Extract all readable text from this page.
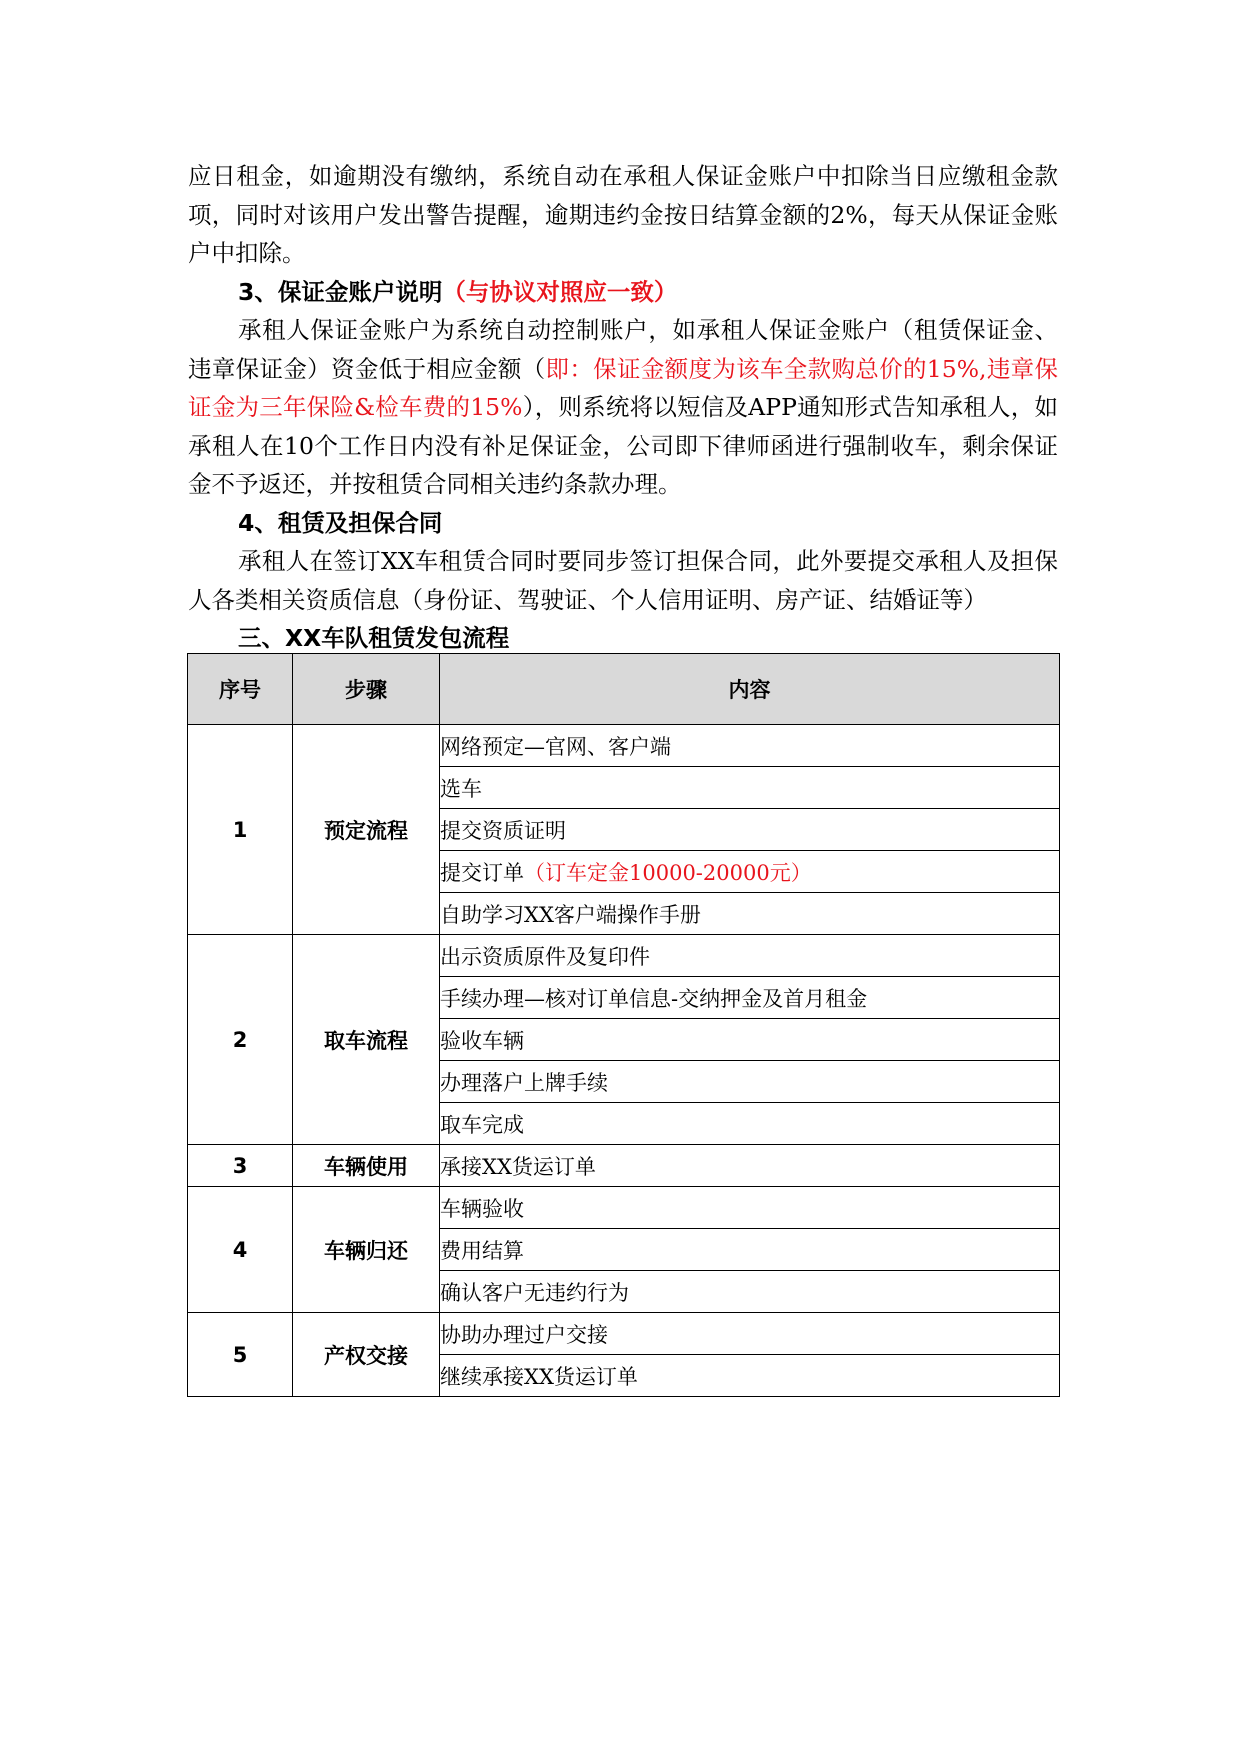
应日租金，如逾期没有缴纳，系统自动在承租人保证金账户中扣除当日应缴租金款项，同时对该用户发出警告提醒，逾期违约金按日结算金额的2%，每天从保证金账户中扣除。

3、保证金账户说明（与协议对照应一致）

承租人保证金账户为系统自动控制账户，如承租人保证金账户（租赁保证金、违章保证金）资金低于相应金额（即：保证金额度为该车全款购总价的15%,违章保证金为三年保险&检车费的15%），则系统将以短信及APP通知形式告知承租人，如承租人在10个工作日内没有补足保证金，公司即下律师函进行强制收车，剩余保证金不予返还，并按租赁合同相关违约条款办理。

4、租赁及担保合同

承租人在签订XX车租赁合同时要同步签订担保合同，此外要提交承租人及担保人各类相关资质信息（身份证、驾驶证、个人信用证明、房产证、结婚证等）

三、XX车队租赁发包流程

序号	步骤	内容
1	预定流程	网络预定—官网、客户端
		选车
		提交资质证明
		提交订单（订车定金10000-20000元）
		自助学习XX客户端操作手册
2	取车流程	出示资质原件及复印件
		手续办理—核对订单信息-交纳押金及首月租金
		验收车辆
		办理落户上牌手续
		取车完成
3	车辆使用	承接XX货运订单
4	车辆归还	车辆验收
		费用结算
		确认客户无违约行为
5	产权交接	协助办理过户交接
		继续承接XX货运订单
